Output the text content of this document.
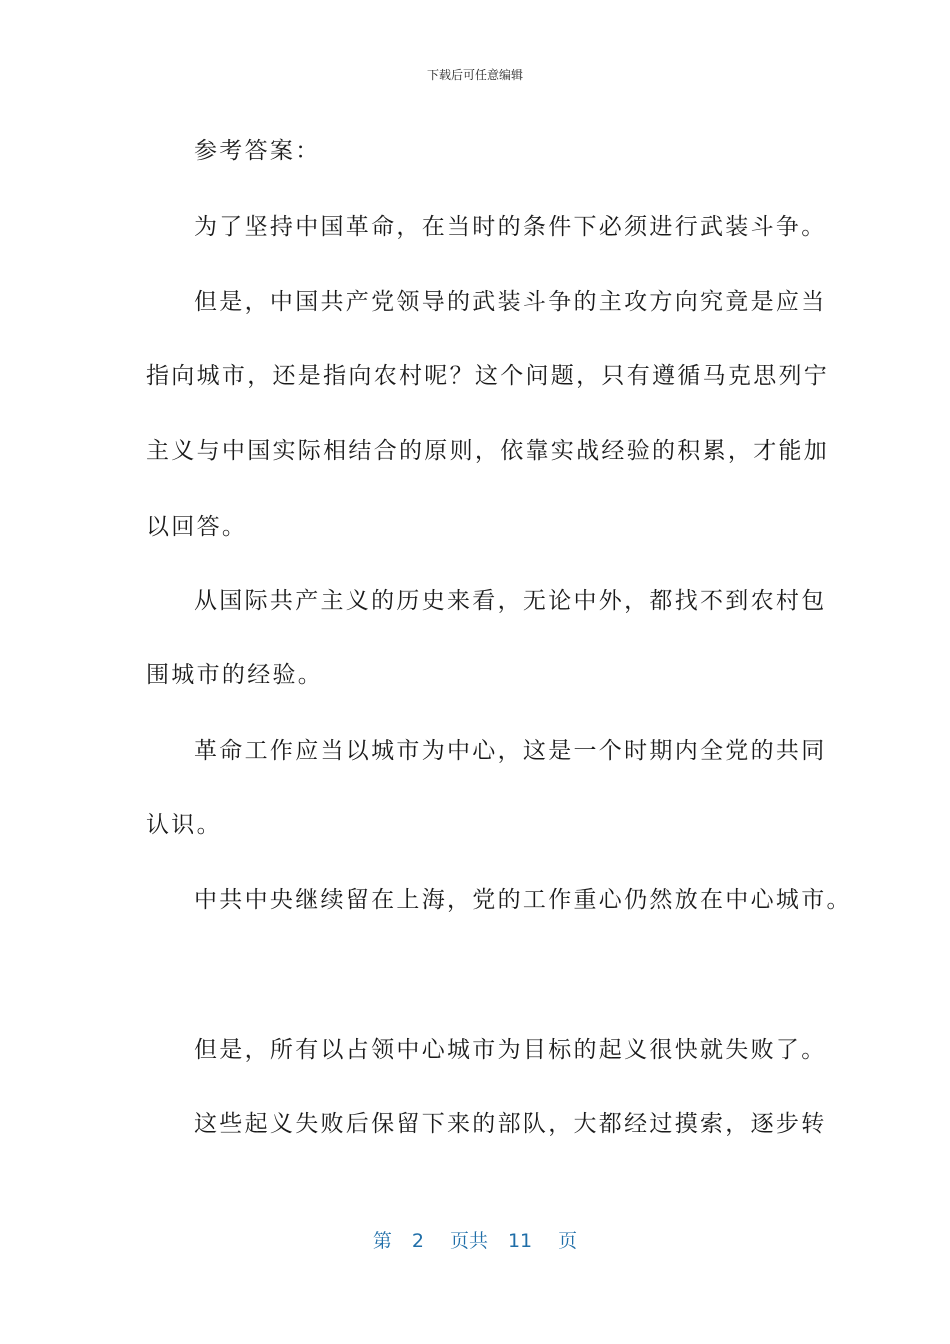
下载后可任意编辑
参考答案：
为了坚持中国革命，在当时的条件下必须进行武装斗争。
但是，中国共产党领导的武装斗争的主攻方向究竟是应当
指向城市，还是指向农村呢？这个问题，只有遵循马克思列宁
主义与中国实际相结合的原则，依靠实战经验的积累，才能加
以回答。
从国际共产主义的历史来看，无论中外，都找不到农村包
围城市的经验。
革命工作应当以城市为中心，这是一个时期内全党的共同
认识。
中共中央继续留在上海，党的工作重心仍然放在中心城市。
但是，所有以占领中心城市为目标的起义很快就失败了。
这些起义失败后保留下来的部队，大都经过摸索，逐步转
第 2 页共 11 页
